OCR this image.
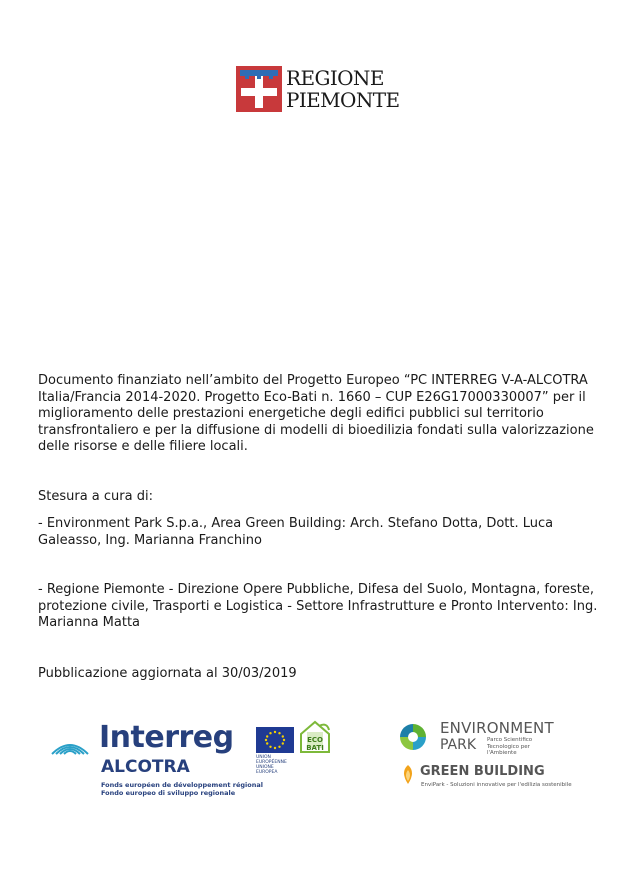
REGIONE
PIEMONTE

Documento finanziato nell’ambito del Progetto Europeo “PC INTERREG V-A-ALCOTRA Italia/Francia 2014-2020. Progetto Eco-Bati n. 1660 – CUP E26G17000330007” per il miglioramento delle prestazioni energetiche degli edifici pubblici sul territorio transfrontaliero e per la diffusione di modelli di bioedilizia fondati sulla valorizzazione delle risorse e delle filiere locali.

Stesura a cura di:

- Environment Park S.p.a., Area Green Building: Arch. Stefano Dotta, Dott. Luca Galeasso, Ing. Marianna Franchino

- Regione Piemonte - Direzione Opere Pubbliche, Difesa del Suolo, Montagna, foreste, protezione civile, Trasporti e Logistica - Settore Infrastrutture e Pronto Intervento: Ing. Marianna Matta

Pubblicazione aggiornata al 30/03/2019

Interreg
ALCOTRA
Fonds européen de développement régional
Fondo europeo di sviluppo regionale
UNION EUROPÉENNE
UNIONE EUROPEA
ECO BATI
ENVIRONMENT
PARK Parco Scientifico Tecnologico per l'Ambiente
GREEN BUILDING
EnviPark - Soluzioni innovative per l'edilizia sostenibile
